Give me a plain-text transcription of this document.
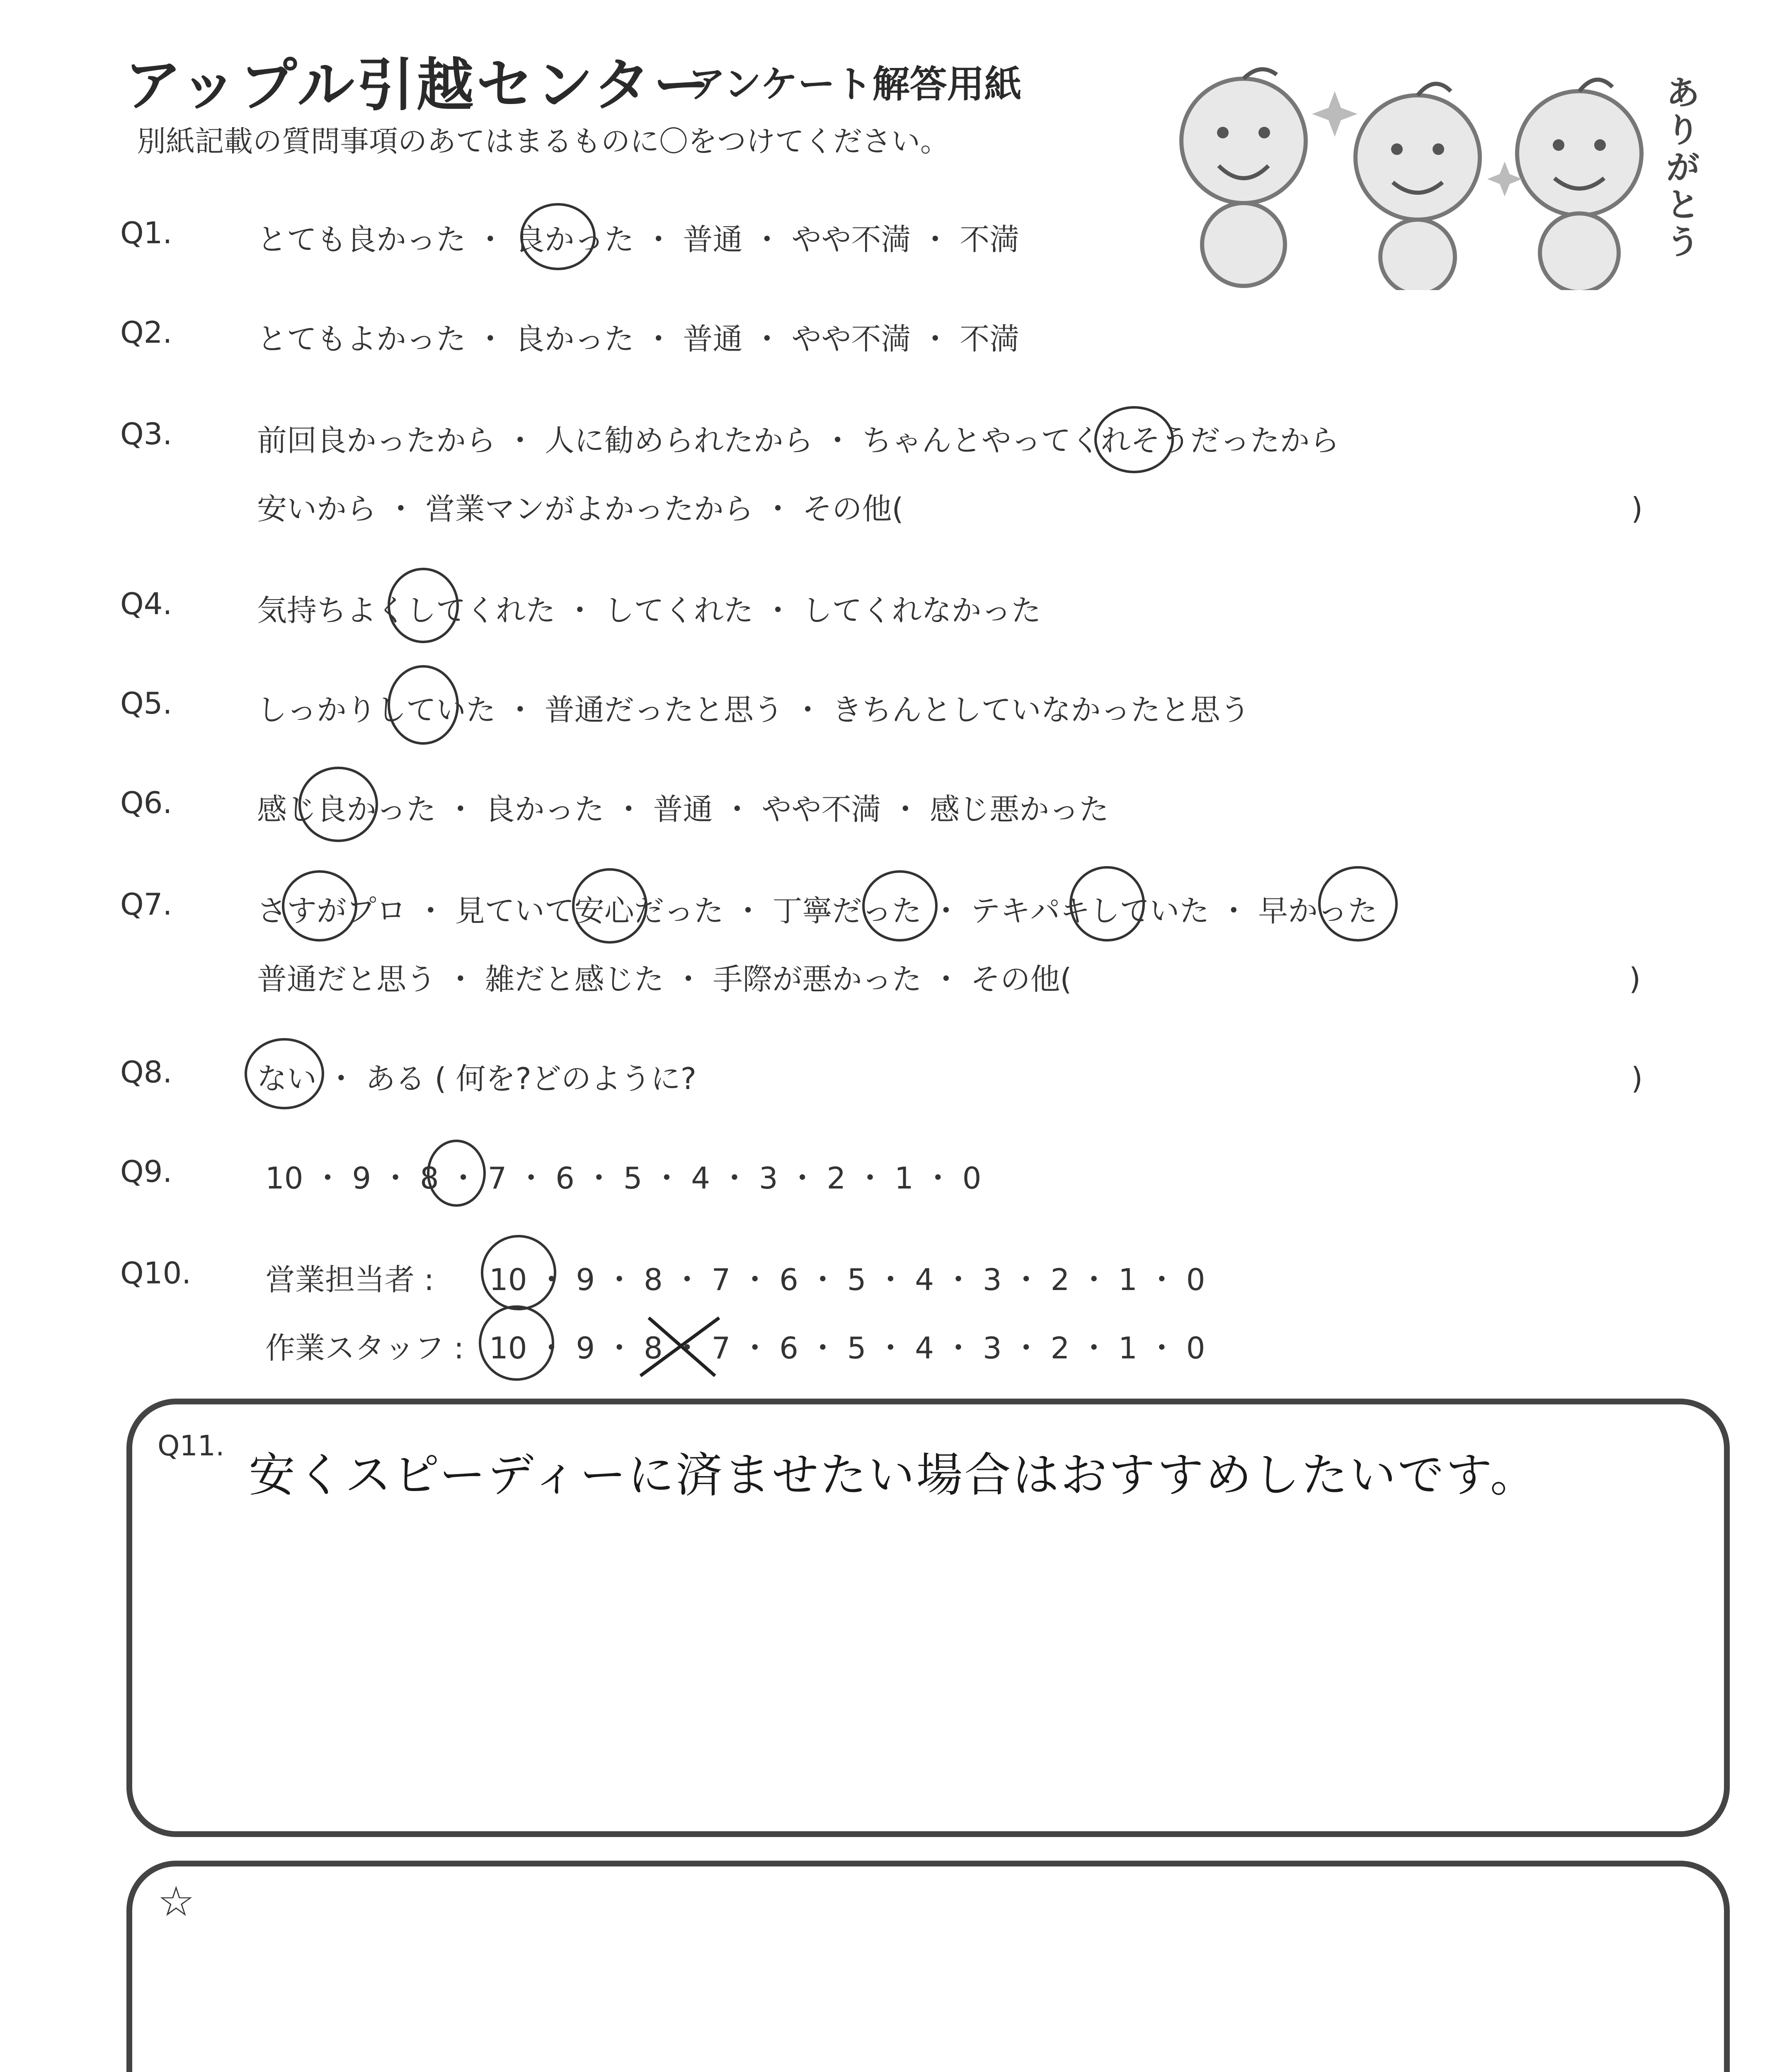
アップル引越センター
アンケート解答用紙
別紙記載の質問事項のあてはまるものに〇をつけてください。
ありがとう
Q1.	とても良かった ・ 良かった ・ 普通 ・ やや不満 ・ 不満
Q2.	とてもよかった ・ 良かった ・ 普通 ・ やや不満 ・ 不満
Q3.	前回良かったから ・ 人に勧められたから ・ ちゃんとやってくれそうだったから
安いから ・ 営業マンがよかったから ・ その他(	)
Q4.	気持ちよくしてくれた ・ してくれた ・ してくれなかった
Q5.	しっかりしていた ・ 普通だったと思う ・ きちんとしていなかったと思う
Q6.	感じ良かった ・ 良かった ・ 普通 ・ やや不満 ・ 感じ悪かった
Q7.	さすがプロ ・ 見ていて安心だった ・ 丁寧だった ・ テキパキしていた ・ 早かった
普通だと思う ・ 雑だと感じた ・ 手際が悪かった ・ その他(	)
Q8.	ない ・ ある ( 何を?どのように?	)
Q9.	10 ・ 9 ・ 8 ・ 7 ・ 6 ・ 5 ・ 4 ・ 3 ・ 2 ・ 1 ・ 0
Q10. 営業担当者 : 10 ・ 9 ・ 8 ・ 7 ・ 6 ・ 5 ・ 4 ・ 3 ・ 2 ・ 1 ・ 0
作業スタッフ : 10 ・ 9 ・ 8 ・ 7 ・ 6 ・ 5 ・ 4 ・ 3 ・ 2 ・ 1 ・ 0
Q11.
安くスピーディーに済ませたい場合はおすすめしたいです。
☆
